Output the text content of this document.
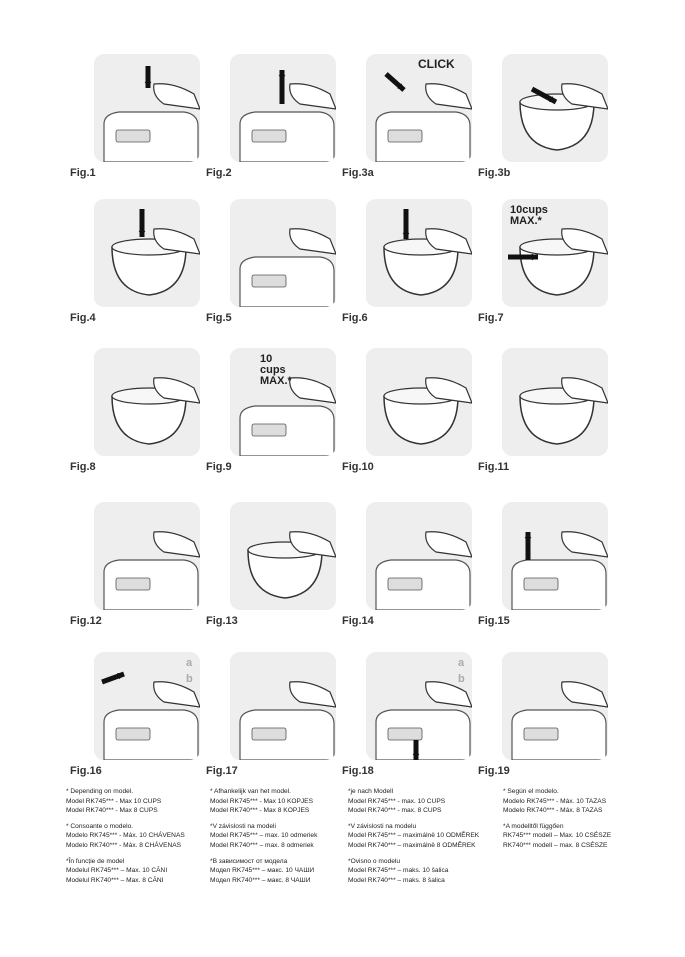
Fig.1	Fig.2
CLICK
Fig.3a	Fig.3b
Fig.4	Fig.5	Fig.6
10cups
MAX.*
Fig.7
Fig.8
10
cups
MAX.*
Fig.9	Fig.10	Fig.11
Fig.12	Fig.13	Fig.14	Fig.15
a
b
Fig.16	Fig.17
a
b
Fig.18	Fig.19
* Depending on model.
Model RK745*** - Max 10 CUPS
Model RK740*** - Max 8 CUPS
* Consoante o modelo.
Modelo RK745*** - Máx. 10 CHÁVENAS
Modelo RK740*** - Máx. 8 CHÁVENAS
*În funcție de model
Modelul RK745*** – Max. 10 CĂNI
Modelul RK740*** – Max. 8 CĂNI
* Afhankelijk van het model.
Model RK745*** - Max 10 KOPJES
Model RK740*** - Max 8 KOPJES
*V závislosti na modeli
Model RK745*** – max. 10 odmeriek
Model RK740*** – max. 8 odmeriek
*В зависимост от модела
Модел RK745*** – макс. 10 ЧАШИ
Модел RK740*** – макс. 8 ЧАШИ
*je nach Modell
Model RK745*** - max. 10 CUPS
Model RK740*** - max. 8 CUPS
*V závislosti na modelu
Model RK745*** – maximálně 10 ODMĚREK
Model RK740*** – maximálně 8 ODMĚREK
*Ovisno o modelu
Model RK745*** – maks. 10 šalica
Model RK740*** – maks. 8 šalica
* Según el modelo.
Modelo RK745*** - Máx. 10 TAZAS
Modelo RK740*** - Máx. 8 TAZAS
*A modelltől függően
RK745*** modell – Max. 10 CSÉSZE
RK740*** modell – max. 8 CSÉSZE
